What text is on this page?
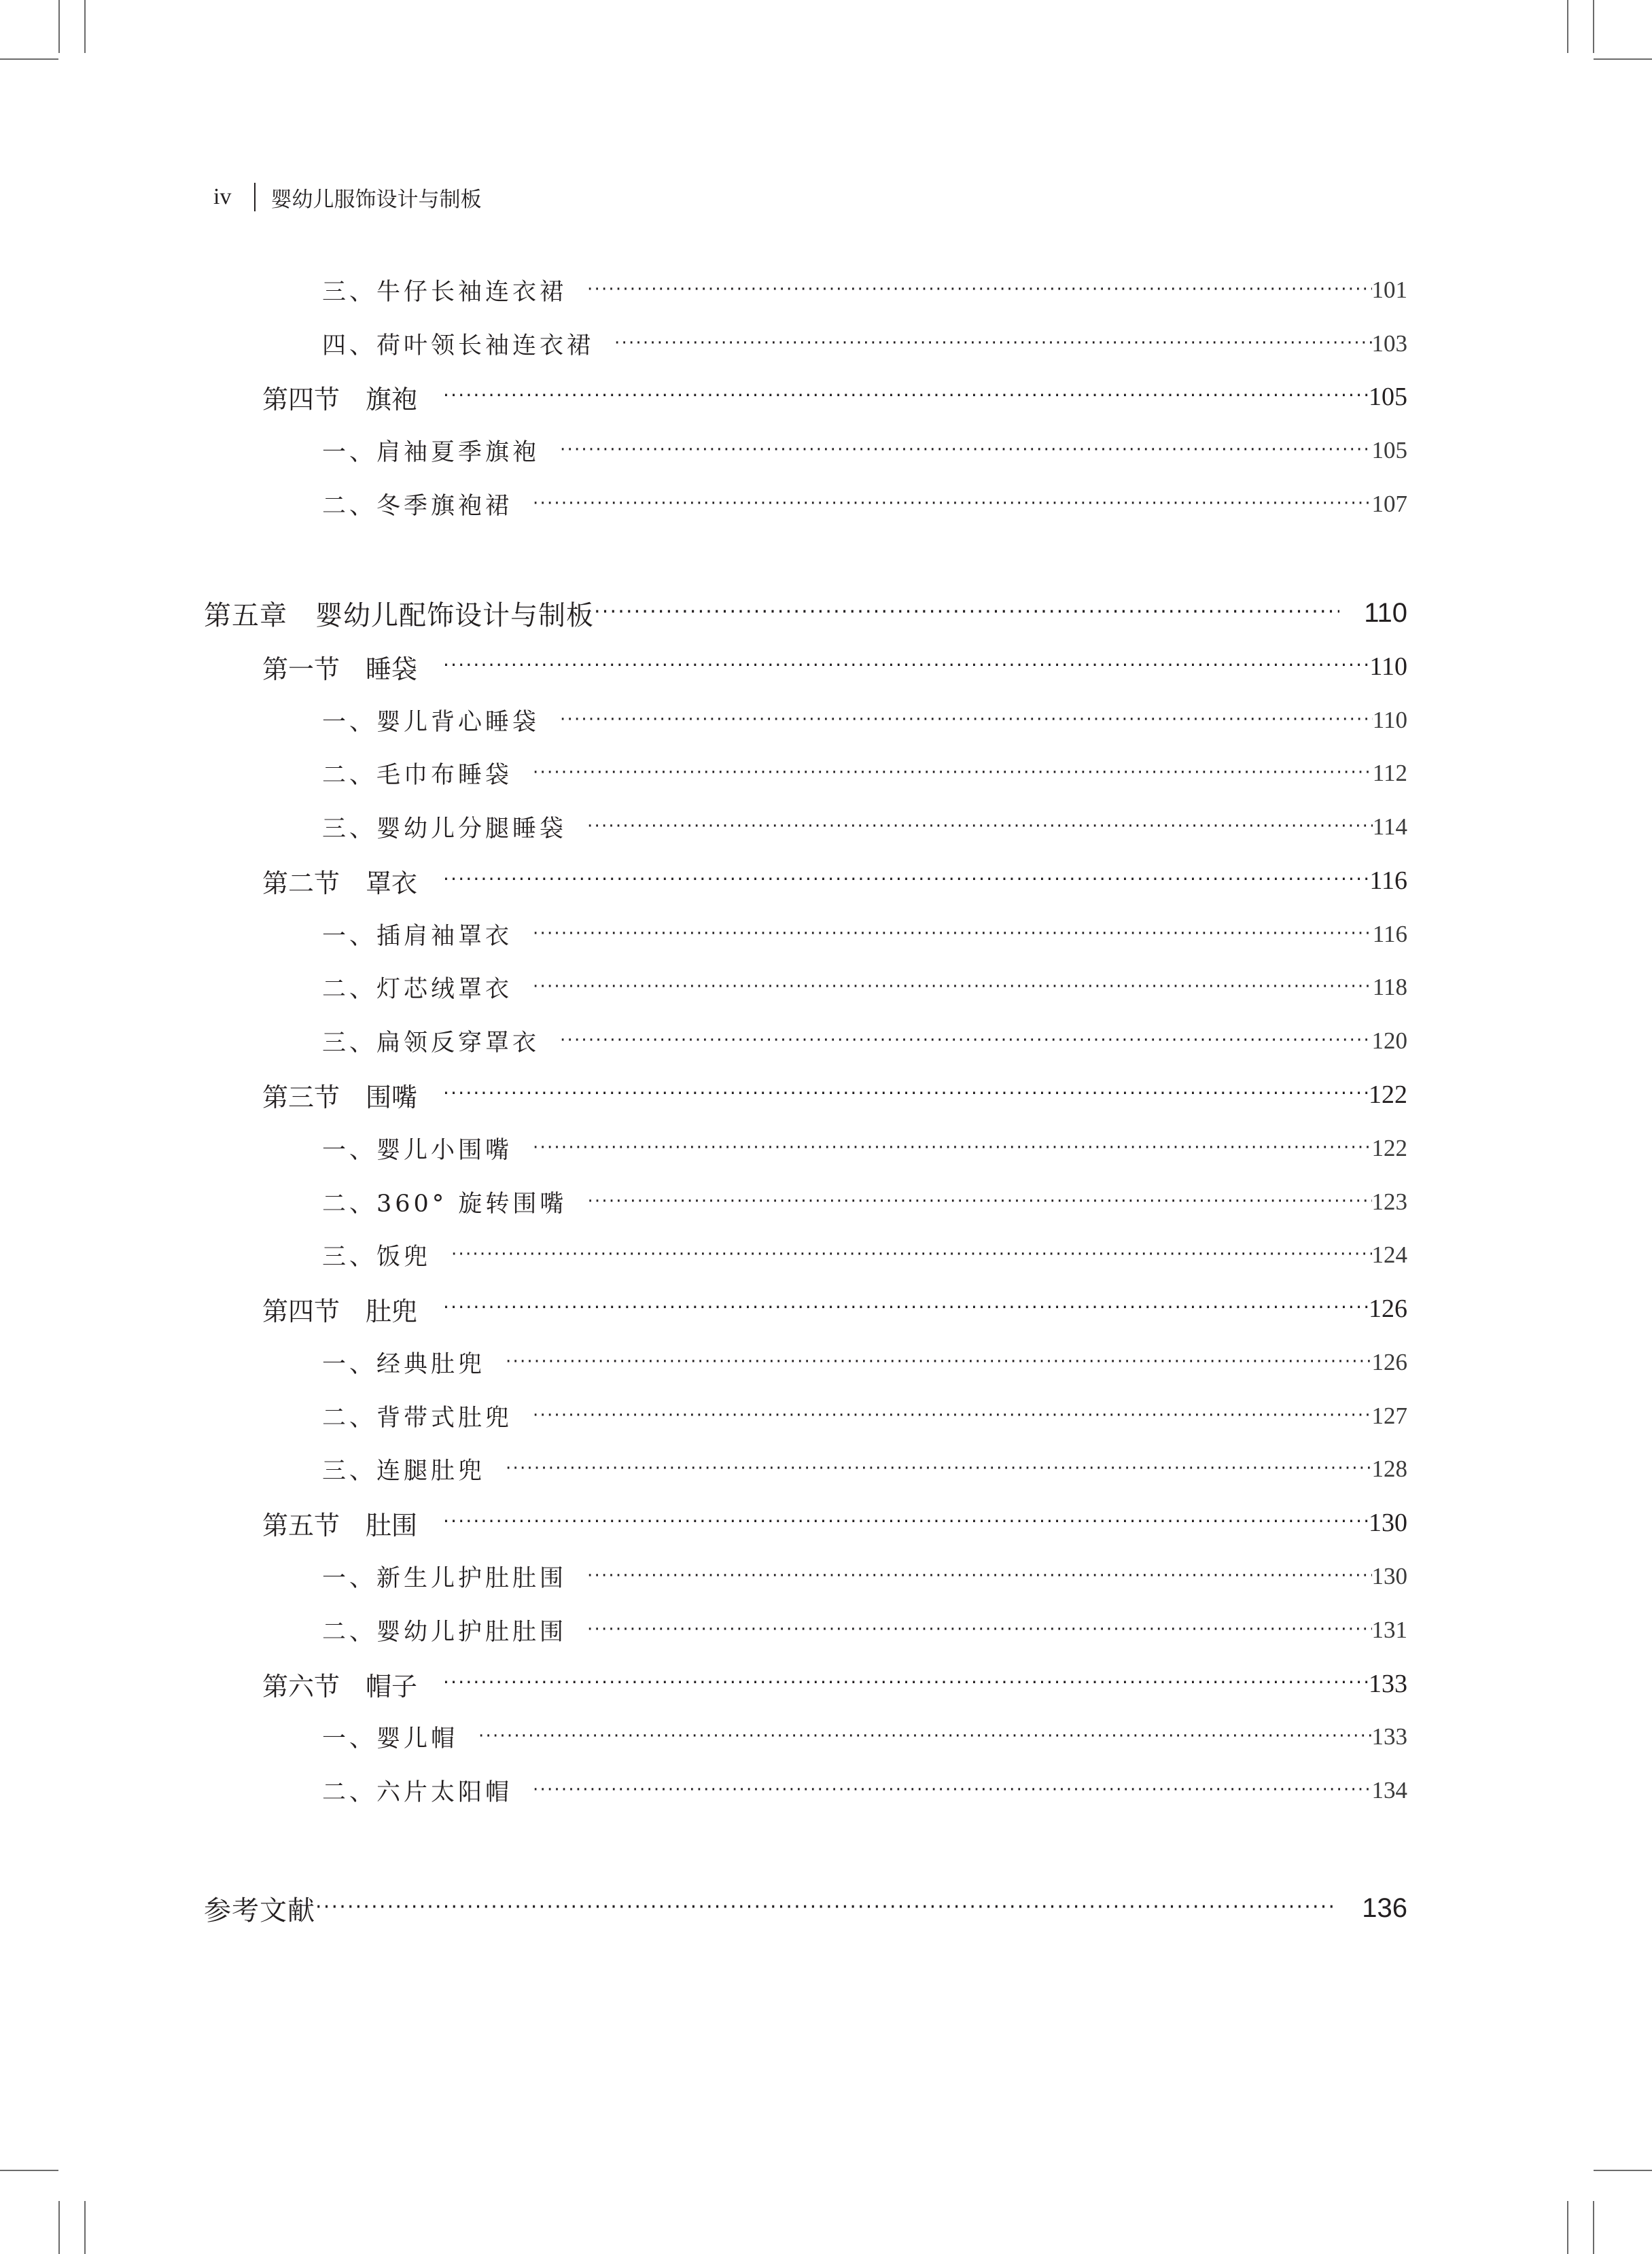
iv 婴幼儿服饰设计与制板
三、牛仔长袖连衣裙 ·····	101
四、荷叶领长袖连衣裙 ·····	103
第四节　旗袍 ·····	105
一、肩袖夏季旗袍 ·····	105
二、冬季旗袍裙 ·····	107
第五章　婴幼儿配饰设计与制板 ·····	110
第一节　睡袋 ·····	110
一、婴儿背心睡袋 ·····	110
二、毛巾布睡袋 ·····	112
三、婴幼儿分腿睡袋 ·····	114
第二节　罩衣 ·····	116
一、插肩袖罩衣 ·····	116
二、灯芯绒罩衣 ·····	118
三、扁领反穿罩衣 ·····	120
第三节　围嘴 ·····	122
一、婴儿小围嘴 ·····	122
二、360° 旋转围嘴 ·····	123
三、饭兜 ·····	124
第四节　肚兜 ·····	126
一、经典肚兜 ·····	126
二、背带式肚兜 ·····	127
三、连腿肚兜 ·····	128
第五节　肚围 ·····	130
一、新生儿护肚肚围 ·····	130
二、婴幼儿护肚肚围 ·····	131
第六节　帽子 ·····	133
一、婴儿帽 ·····	133
二、六片太阳帽 ·····	134
参考文献 ·····	136
